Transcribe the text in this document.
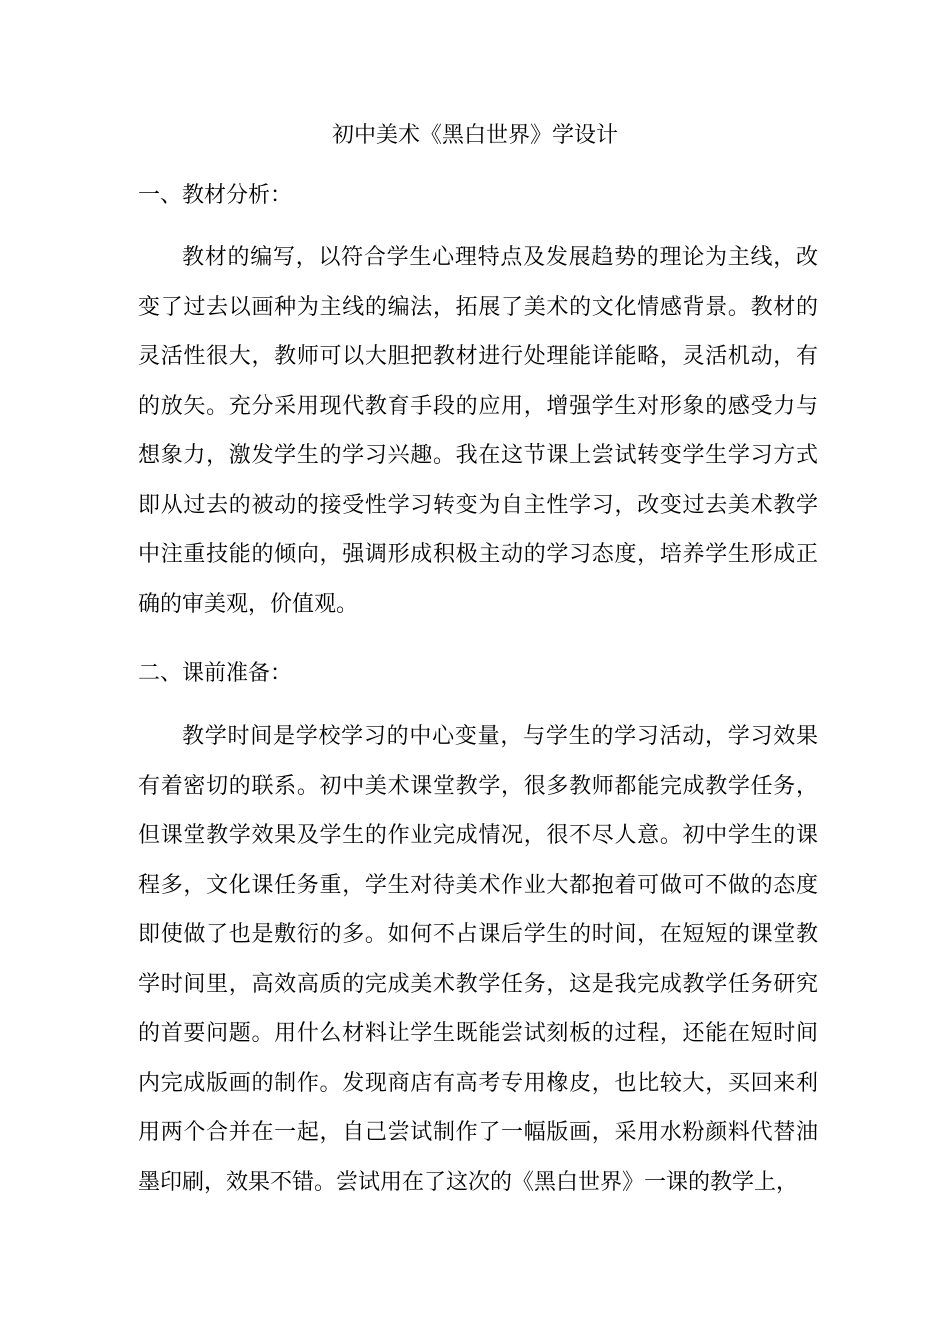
初中美术《黑白世界》学设计
一、教材分析：

教材的编写，以符合学生心理特点及发展趋势的理论为主线，改变了过去以画种为主线的编法，拓展了美术的文化情感背景。教材的灵活性很大，教师可以大胆把教材进行处理能详能略，灵活机动，有的放矢。充分采用现代教育手段的应用，增强学生对形象的感受力与想象力，激发学生的学习兴趣。我在这节课上尝试转变学生学习方式即从过去的被动的接受性学习转变为自主性学习，改变过去美术教学中注重技能的倾向，强调形成积极主动的学习态度，培养学生形成正确的审美观，价值观。

二、课前准备：

教学时间是学校学习的中心变量，与学生的学习活动，学习效果有着密切的联系。初中美术课堂教学，很多教师都能完成教学任务，但课堂教学效果及学生的作业完成情况，很不尽人意。初中学生的课程多，文化课任务重，学生对待美术作业大都抱着可做可不做的态度即使做了也是敷衍的多。如何不占课后学生的时间，在短短的课堂教学时间里，高效高质的完成美术教学任务，这是我完成教学任务研究的首要问题。用什么材料让学生既能尝试刻板的过程，还能在短时间内完成版画的制作。发现商店有高考专用橡皮，也比较大，买回来利用两个合并在一起，自己尝试制作了一幅版画，采用水粉颜料代替油墨印刷，效果不错。尝试用在了这次的《黑白世界》一课的教学上，
